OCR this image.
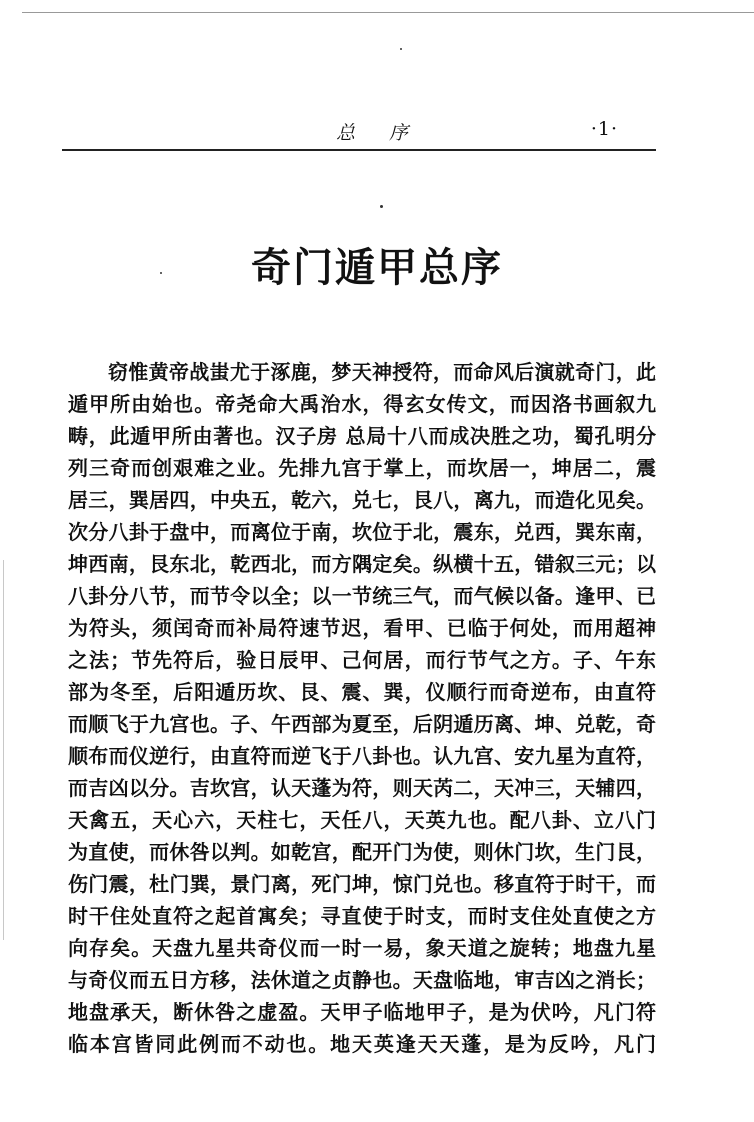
总 序	·1·
奇门遁甲总序
窃惟黄帝战蚩尤于涿鹿，梦天神授符，而命风后演就奇门，此
遁甲所由始也。帝尧命大禹治水，得玄女传文，而因洛书画叙九
畴，此遁甲所由著也。汉子房 总局十八而成决胜之功，蜀孔明分
列三奇而创艰难之业。先排九宫于掌上，而坎居一，坤居二，震
居三，巽居四，中央五，乾六，兑七，艮八，离九，而造化见矣。
次分八卦于盘中，而离位于南，坎位于北，震东，兑西，巽东南，
坤西南，艮东北，乾西北，而方隅定矣。纵横十五，错叙三元；以
八卦分八节，而节令以全；以一节统三气，而气候以备。逢甲、已
为符头，须闰奇而补局符速节迟，看甲、已临于何处，而用超神
之法；节先符后，验日辰甲、己何居，而行节气之方。子、午东
部为冬至，后阳遁历坎、艮、震、巽，仪顺行而奇逆布，由直符
而顺飞于九宫也。子、午西部为夏至，后阴遁历离、坤、兑乾，奇
顺布而仪逆行，由直符而逆飞于八卦也。认九宫、安九星为直符，
而吉凶以分。吉坎宫，认天蓬为符，则天芮二，天冲三，天辅四，
天禽五，天心六，天柱七，天任八，天英九也。配八卦、立八门
为直使，而休咎以判。如乾宫，配开门为使，则休门坎，生门艮，
伤门震，杜门巽，景门离，死门坤，惊门兑也。移直符于时干，而
时干住处直符之起首寓矣；寻直使于时支，而时支住处直使之方
向存矣。天盘九星共奇仪而一时一易，象天道之旋转；地盘九星
与奇仪而五日方移，法休道之贞静也。天盘临地，审吉凶之消长；
地盘承天，断休咎之虚盈。天甲子临地甲子，是为伏吟，凡门符
临本宫皆同此例而不动也。地天英逢天天蓬，是为反吟，凡门
